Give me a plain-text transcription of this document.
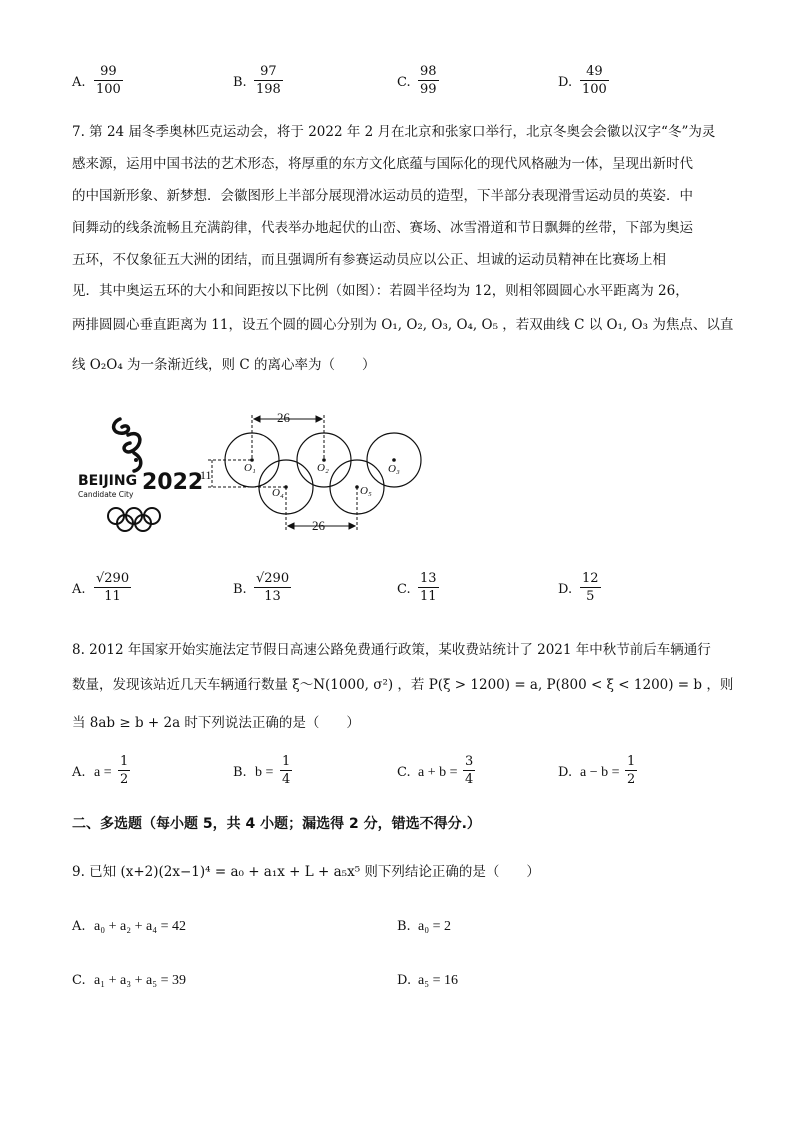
A.
99
100	B.
97
198	C.
98
99	D.
49
100
7. 第 24 届冬季奥林匹克运动会，将于 2022 年 2 月在北京和张家口举行，北京冬奥会会徽以汉字“冬”为灵
感来源，运用中国书法的艺术形态，将厚重的东方文化底蕴与国际化的现代风格融为一体，呈现出新时代
的中国新形象、新梦想．会徽图形上半部分展现滑冰运动员的造型，下半部分表现滑雪运动员的英姿．中
间舞动的线条流畅且充满韵律，代表举办地起伏的山峦、赛场、冰雪滑道和节日飘舞的丝带，下部为奥运
五环，不仅象征五大洲的团结，而且强调所有参赛运动员应以公正、坦诚的运动员精神在比赛场上相
见．其中奥运五环的大小和间距按以下比例（如图）：若圆半径均为 12，则相邻圆圆心水平距离为 26，
两排圆圆心垂直距离为 11，设五个圆的圆心分别为 O₁, O₂, O₃, O₄, O₅ ，若双曲线 C 以 O₁, O₃ 为焦点、以直
线 O₂O₄ 为一条渐近线，则 C 的离心率为（　　）
BEIJING 2022
Candidate City
26
26
11	O₁	O₂	O₃
O₄	O₅
A.
√290
11	B.
√290
13	C.
13
11	D.
12
5
8. 2012 年国家开始实施法定节假日高速公路免费通行政策，某收费站统计了 2021 年中秋节前后车辆通行
数量，发现该站近几天车辆通行数量 ξ～N(1000, σ²) ，若 P(ξ > 1200) = a, P(800 < ξ < 1200) = b ，则
当 8ab ≥ b + 2a 时下列说法正确的是（　　）
A. a =
1
2	B. b =
1
4	C. a + b =
3
4	D. a − b =
1
2
二、多选题（每小题 5，共 4 小题；漏选得 2 分，错选不得分.）
9. 已知 (x+2)(2x−1)⁴ = a₀ + a₁x + L + a₅x⁵ 则下列结论正确的是（　　）
A. a₀ + a₂ + a₄ = 42	B. a₀ = 2
C. a₁ + a₃ + a₅ = 39	D. a₅ = 16
